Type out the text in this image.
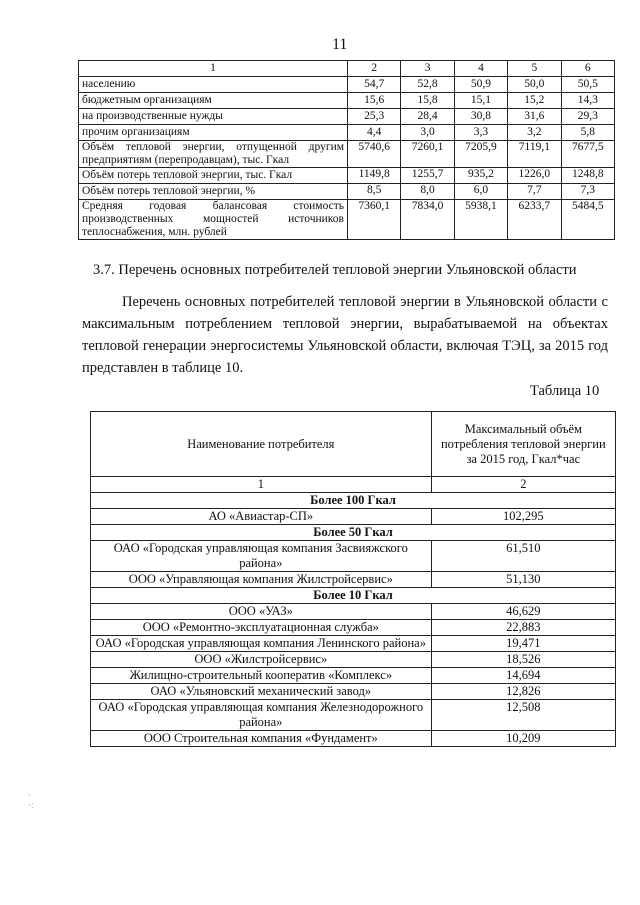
11
1	2	3	4	5	6
населению	54,7	52,8	50,9	50,0	50,5
бюджетным организациям	15,6	15,8	15,1	15,2	14,3
на производственные нужды	25,3	28,4	30,8	31,6	29,3
прочим организациям	4,4	3,0	3,3	3,2	5,8
Объём тепловой энергии, отпущенной другим предприятиям (перепродавцам), тыс. Гкал	5740,6	7260,1	7205,9	7119,1	7677,5
Объём потерь тепловой энергии, тыс. Гкал	1149,8	1255,7	935,2	1226,0	1248,8
Объём потерь тепловой энергии, %	8,5	8,0	6,0	7,7	7,3
Средняя годовая балансовая стоимость производственных мощностей источников теплоснабжения, млн. рублей	7360,1	7834,0	5938,1	6233,7	5484,5
3.7. Перечень основных потребителей тепловой энергии Ульяновской области
Перечень основных потребителей тепловой энергии в Ульяновской области с максимальным потреблением тепловой энергии, вырабатываемой на объектах тепловой генерации энергосистемы Ульяновской области, включая ТЭЦ, за 2015 год представлен в таблице 10.
Таблица 10
Наименование потребителя	Максимальный объём потребления тепловой энергии за 2015 год, Гкал*час
1	2
Более 100 Гкал	
АО «Авиастар-СП»	102,295
Более 50 Гкал	
ОАО «Городская управляющая компания Засвияжского района»	61,510
ООО «Управляющая компания Жилстройсервис»	51,130
Более 10 Гкал	
ООО «УАЗ»	46,629
ООО «Ремонтно-эксплуатационная служба»	22,883
ОАО «Городская управляющая компания Ленинского района»	19,471
ООО «Жилстройсервис»	18,526
Жилищно-строительный кооператив «Комплекс»	14,694
ОАО «Ульяновский механический завод»	12,826
ОАО «Городская управляющая компания Железнодорожного района»	12,508
ООО Строительная компания «Фундамент»	10,209
·
·:
